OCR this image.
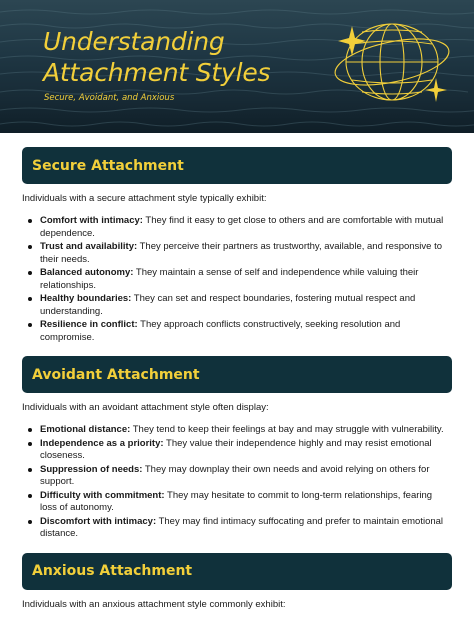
Understanding
Attachment Styles
Secure, Avoidant, and Anxious
Secure Attachment

Individuals with a secure attachment style typically exhibit:

Comfort with intimacy: They find it easy to get close to others and are comfortable with mutual dependence.
Trust and availability: They perceive their partners as trustworthy, available, and responsive to their needs.
Balanced autonomy: They maintain a sense of self and independence while valuing their relationships.
Healthy boundaries: They can set and respect boundaries, fostering mutual respect and understanding.
Resilience in conflict: They approach conflicts constructively, seeking resolution and compromise.
Avoidant Attachment

Individuals with an avoidant attachment style often display:

Emotional distance: They tend to keep their feelings at bay and may struggle with vulnerability.
Independence as a priority: They value their independence highly and may resist emotional closeness.
Suppression of needs: They may downplay their own needs and avoid relying on others for support.
Difficulty with commitment: They may hesitate to commit to long-term relationships, fearing loss of autonomy.
Discomfort with intimacy: They may find intimacy suffocating and prefer to maintain emotional distance.
Anxious Attachment

Individuals with an anxious attachment style commonly exhibit:
